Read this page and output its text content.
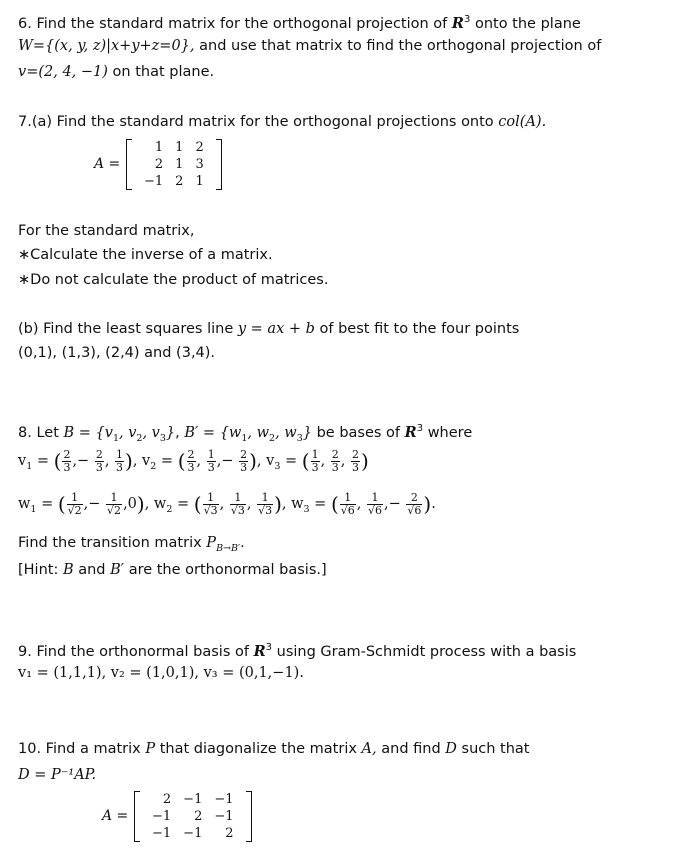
6. Find the standard matrix for the orthogonal projection of $R^3$ onto the plane
W={(x, y, z)|x+y+z=0}, and use that matrix to find the orthogonal projection of
v=(2, 4, −1) on that plane.
7.(a) Find the standard matrix for the orthogonal projections onto col(A).
A =
1	1	2
2	1	3
−1	2	1
For the standard matrix,
∗Calculate the inverse of a matrix.
∗Do not calculate the product of matrices.
(b) Find the least squares line y = ax + b of best fit to the four points
(0,1), (1,3), (2,4) and (3,4).
8. Let $B = \{v_1$, $v_2$, $v_3$}, $B' = \{w_1$, $w_2$, $w_3$} be bases of $R^3$ where
$v_1$ = ( $\frac{2}{3}$ ,− $\frac{2}{3}$ , $\frac{1}{3}$ ), $v_2$ = ( $\frac{2}{3}$ , $\frac{1}{3}$ ,− $\frac{2}{3}$ ), $v_3$ = ( $\frac{1}{3}$ , $\frac{2}{3}$ , $\frac{2}{3}$ )
$w_1$ = ( $\frac{1}{√2}$ ,− $\frac{1}{√2} ,0$), $w_2$ = ( $\frac{1}{√3}$ , $\frac{1}{√3}$ , $\frac{1}{√3}$ ), $w_3$ = ( $\frac{1}{√6}$ , $\frac{1}{√6}$ ,− $\frac{2}{√6}$ ).
Find the transition matrix $P_{B\to B'}$.
[Hint: B and B′ are the orthonormal basis.]
9. Find the orthonormal basis of $R^3$ using Gram-Schmidt process with a basis
v₁ = (1,1,1), v₂ = (1,0,1), v₃ = (0,1,−1).
10. Find a matrix P that diagonalize the matrix A, and find D such that
D = P⁻¹AP.
A =
2	−1	−1
−1	2	−1
−1	−1	2
